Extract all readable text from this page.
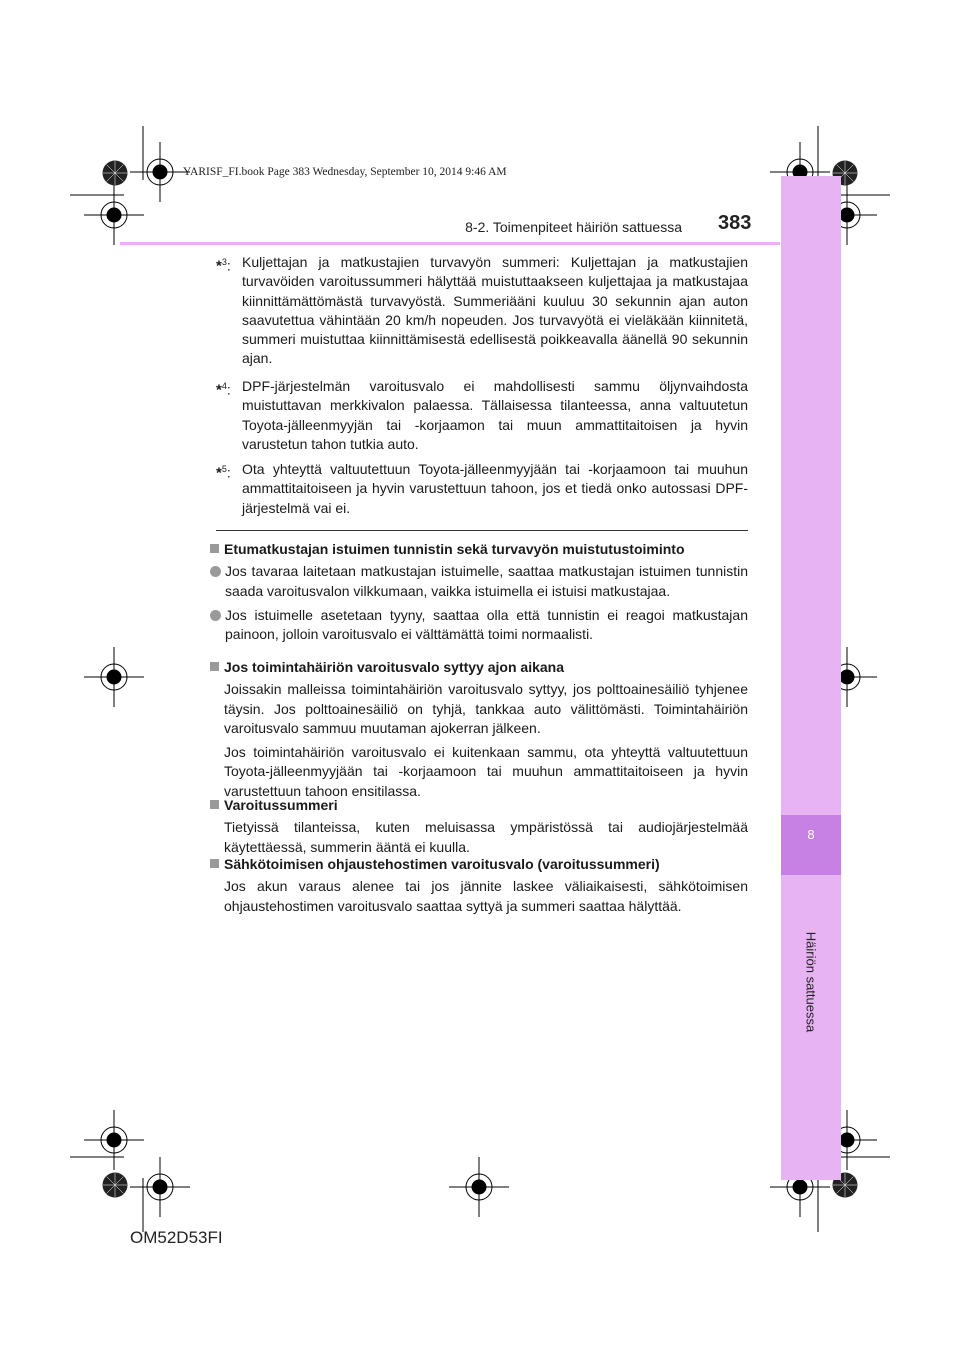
YARISF_FI.book Page 383 Wednesday, September 10, 2014 9:46 AM
8
Häiriön sattuessa
8-2. Toimenpiteet häiriön sattuessa 383
*$^3$: Kuljettajan ja matkustajien turvavyön summeri: Kuljettajan ja matkustajien turvavöiden varoitussummeri hälyttää muistuttaakseen kuljettajaa ja matkustajaa kiinnittämättömästä turvavyöstä. Summeriääni kuuluu 30 sekunnin ajan auton saavutettua vähintään 20 km/h nopeuden. Jos turvavyötä ei vieläkään kiinnitetä, summeri muistuttaa kiinnittämisestä edellisestä poikkeavalla äänellä 90 sekunnin ajan.
*$^4$: DPF-järjestelmän varoitusvalo ei mahdollisesti sammu öljynvaihdosta muistuttavan merkkivalon palaessa. Tällaisessa tilanteessa, anna valtuutetun Toyota-jälleenmyyjän tai -korjaamon tai muun ammattitaitoisen ja hyvin varustetun tahon tutkia auto.
*$^5$: Ota yhteyttä valtuutettuun Toyota-jälleenmyyjään tai -korjaamoon tai muuhun ammattitaitoiseen ja hyvin varustettuun tahoon, jos et tiedä onko autossasi DPF-järjestelmä vai ei.
Etumatkustajan istuimen tunnistin sekä turvavyön muistutustoiminto
Jos tavaraa laitetaan matkustajan istuimelle, saattaa matkustajan istuimen tunnistin saada varoitusvalon vilkkumaan, vaikka istuimella ei istuisi matkustajaa.
Jos istuimelle asetetaan tyyny, saattaa olla että tunnistin ei reagoi matkustajan painoon, jolloin varoitusvalo ei välttämättä toimi normaalisti.
Jos toimintahäiriön varoitusvalo syttyy ajon aikana
Joissakin malleissa toimintahäiriön varoitusvalo syttyy, jos polttoainesäiliö tyhjenee täysin. Jos polttoainesäiliö on tyhjä, tankkaa auto välittömästi. Toimintahäiriön varoitusvalo sammuu muutaman ajokerran jälkeen.
Jos toimintahäiriön varoitusvalo ei kuitenkaan sammu, ota yhteyttä valtuutettuun Toyota-jälleenmyyjään tai -korjaamoon tai muuhun ammattitaitoiseen ja hyvin varustettuun tahoon ensitilassa.
Varoitussummeri
Tietyissä tilanteissa, kuten meluisassa ympäristössä tai audiojärjestelmää käytettäessä, summerin ääntä ei kuulla.
Sähkötoimisen ohjaustehostimen varoitusvalo (varoitussummeri)
Jos akun varaus alenee tai jos jännite laskee väliaikaisesti, sähkötoimisen ohjaustehostimen varoitusvalo saattaa syttyä ja summeri saattaa hälyttää.
OM52D53FI
